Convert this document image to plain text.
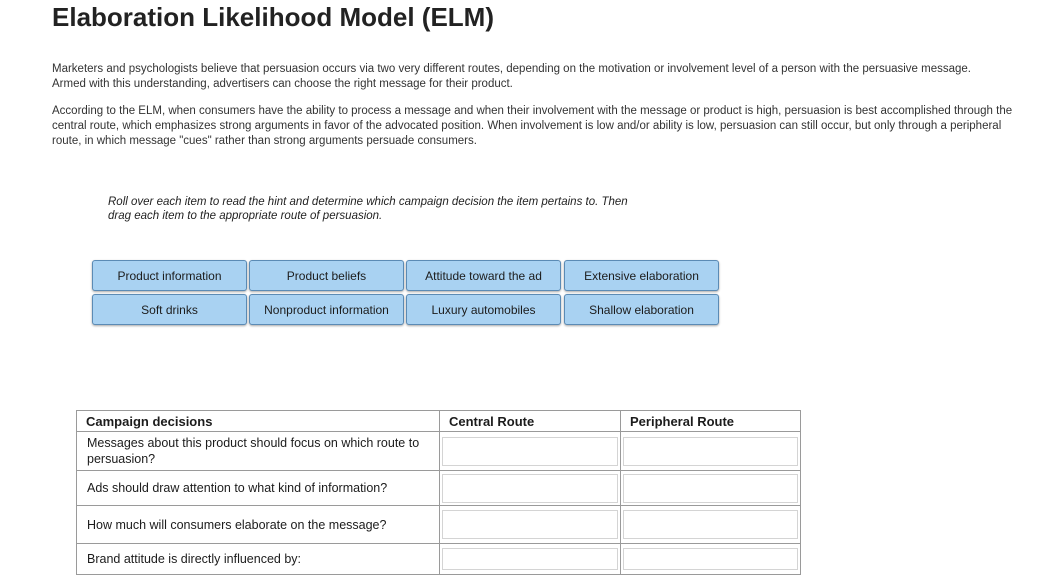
Elaboration Likelihood Model (ELM)

Marketers and psychologists believe that persuasion occurs via two very different routes, depending on the motivation or involvement level of a person with the persuasive message.
Armed with this understanding, advertisers can choose the right message for their product.

According to the ELM, when consumers have the ability to process a message and when their involvement with the message or product is high, persuasion is best accomplished through the
central route, which emphasizes strong arguments in favor of the advocated position. When involvement is low and/or ability is low, persuasion can still occur, but only through a peripheral
route, in which message "cues" rather than strong arguments persuade consumers.

Roll over each item to read the hint and determine which campaign decision the item pertains to. Then
drag each item to the appropriate route of persuasion.

Product information	Product beliefs	Attitude toward the ad	Extensive elaboration
Soft drinks	Nonproduct information	Luxury automobiles	Shallow elaboration
Campaign decisions	Central Route	Peripheral Route
Messages about this product should focus on which route to persuasion?	

Ads should draw attention to what kind of information?	

How much will consumers elaborate on the message?	

Brand attitude is directly influenced by:	
